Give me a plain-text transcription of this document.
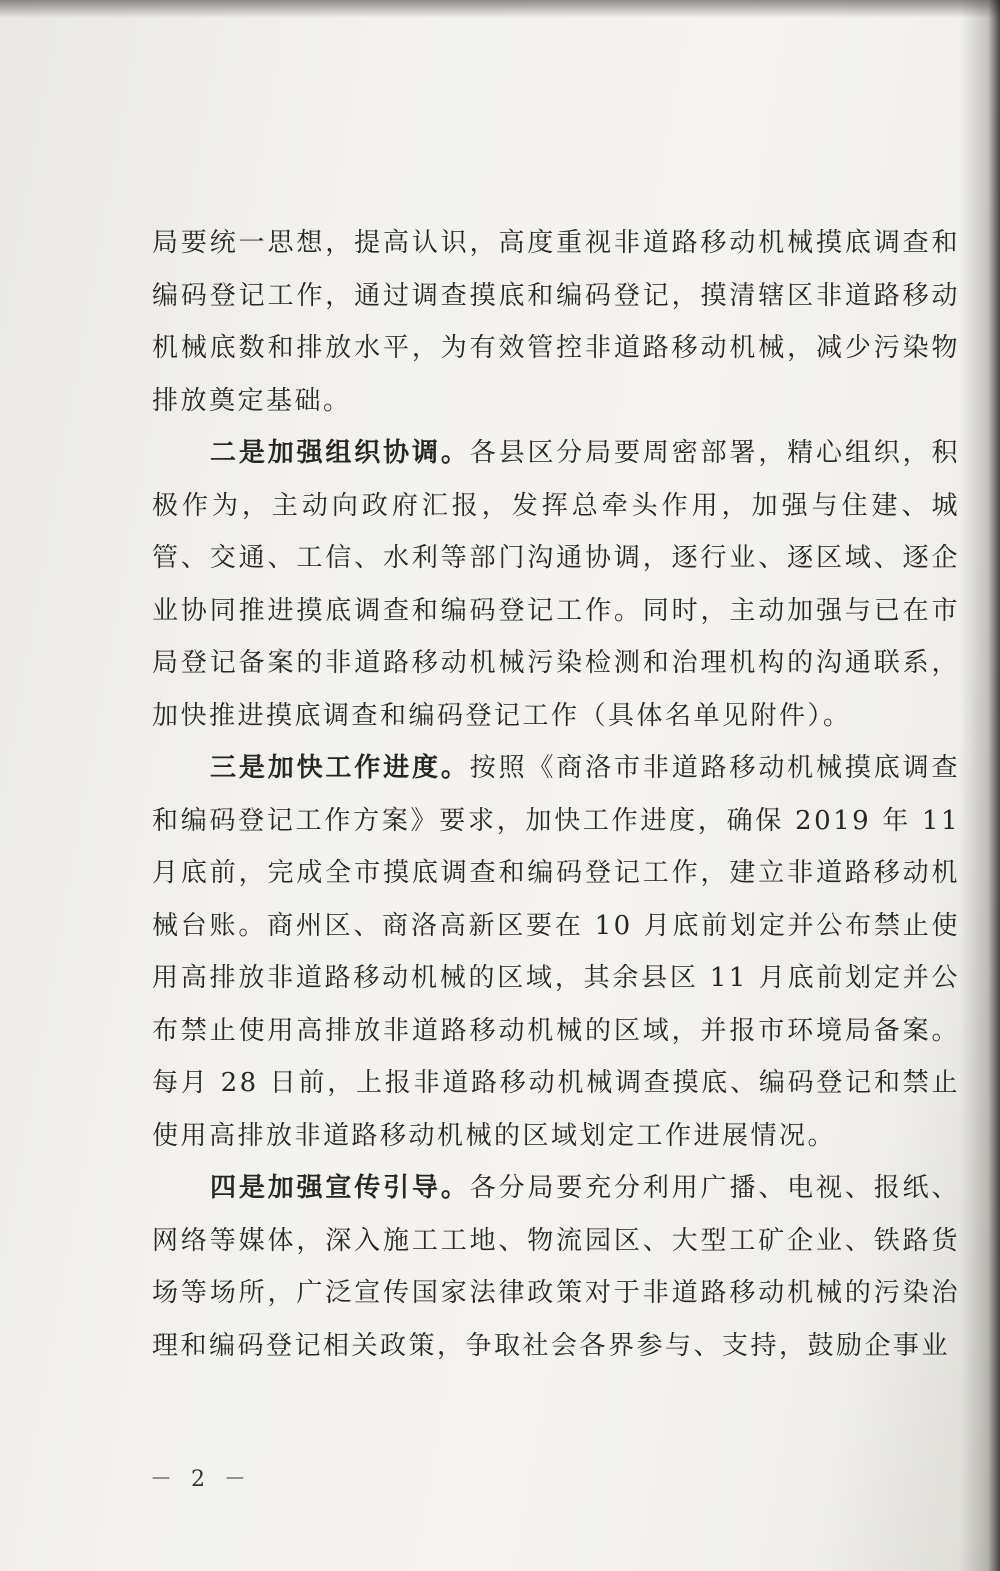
局要统一思想，提高认识，高度重视非道路移动机械摸底调查和编码登记工作，通过调查摸底和编码登记，摸清辖区非道路移动机械底数和排放水平，为有效管控非道路移动机械，减少污染物排放奠定基础。

二是加强组织协调。各县区分局要周密部署，精心组织，积极作为，主动向政府汇报，发挥总牵头作用，加强与住建、城管、交通、工信、水利等部门沟通协调，逐行业、逐区域、逐企业协同推进摸底调查和编码登记工作。同时，主动加强与已在市局登记备案的非道路移动机械污染检测和治理机构的沟通联系，加快推进摸底调查和编码登记工作（具体名单见附件）。

三是加快工作进度。按照《商洛市非道路移动机械摸底调查和编码登记工作方案》要求，加快工作进度，确保 2019 年 11 月底前，完成全市摸底调查和编码登记工作，建立非道路移动机械台账。商州区、商洛高新区要在 10 月底前划定并公布禁止使用高排放非道路移动机械的区域，其余县区 11 月底前划定并公布禁止使用高排放非道路移动机械的区域，并报市环境局备案。每月 28 日前，上报非道路移动机械调查摸底、编码登记和禁止使用高排放非道路移动机械的区域划定工作进展情况。

四是加强宣传引导。各分局要充分利用广播、电视、报纸、网络等媒体，深入施工工地、物流园区、大型工矿企业、铁路货场等场所，广泛宣传国家法律政策对于非道路移动机械的污染治理和编码登记相关政策，争取社会各界参与、支持，鼓励企事业

－ 2 －
